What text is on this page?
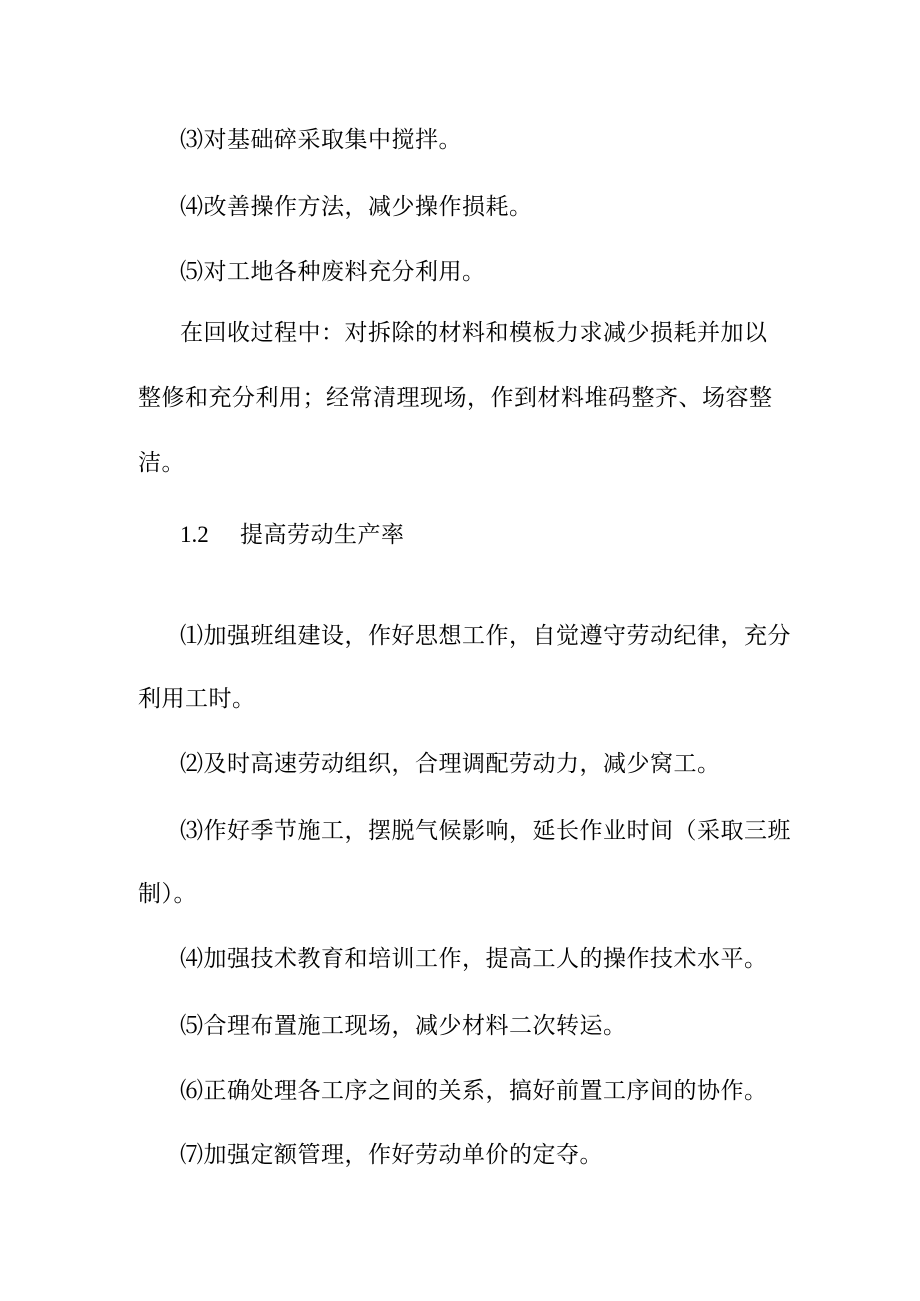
⑶对基础碎采取集中搅拌。
⑷改善操作方法，减少操作损耗。
⑸对工地各种废料充分利用。
在回收过程中：对拆除的材料和模板力求减少损耗并加以
整修和充分利用；经常清理现场，作到材料堆码整齐、场容整
洁。
1.2 提高劳动生产率
⑴加强班组建设，作好思想工作，自觉遵守劳动纪律，充分
利用工时。
⑵及时高速劳动组织，合理调配劳动力，减少窝工。
⑶作好季节施工，摆脱气候影响，延长作业时间（采取三班
制）。
⑷加强技术教育和培训工作，提高工人的操作技术水平。
⑸合理布置施工现场，减少材料二次转运。
⑹正确处理各工序之间的关系，搞好前置工序间的协作。
⑺加强定额管理，作好劳动单价的定夺。
